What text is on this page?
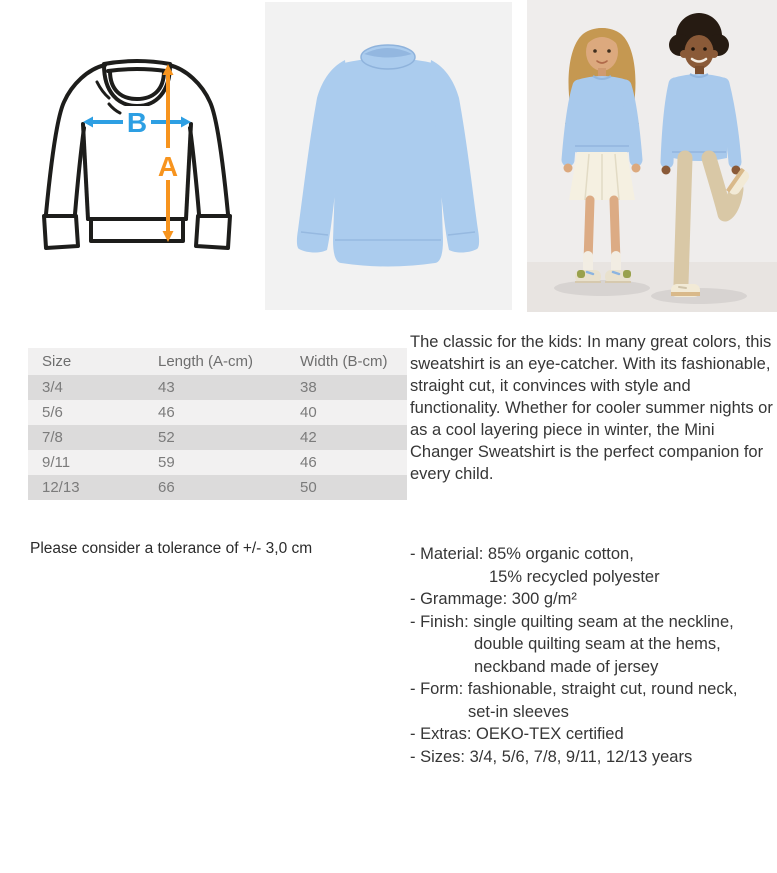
B
A
Size	Length (A-cm)	Width (B-cm)
3/4	43	38
5/6	46	40
7/8	52	42
9/11	59	46
12/13	66	50

Please consider a tolerance of +/- 3,0 cm

The classic for the kids: In many great colors, this sweatshirt is an eye-catcher. With its fashionable, straight cut, it convinces with style and functionality. Whether for cooler summer nights or as a cool layering piece in winter, the Mini Changer Sweatshirt is the perfect companion for every child.

- Material: 85% organic cotton,
15% recycled polyester
- Grammage: 300 g/m²
- Finish: single quilting seam at the neckline,
double quilting seam at the hems,
neckband made of jersey
- Form: fashionable, straight cut, round neck,
set-in sleeves
- Extras: OEKO-TEX certified
- Sizes: 3/4, 5/6, 7/8, 9/11, 12/13 years
